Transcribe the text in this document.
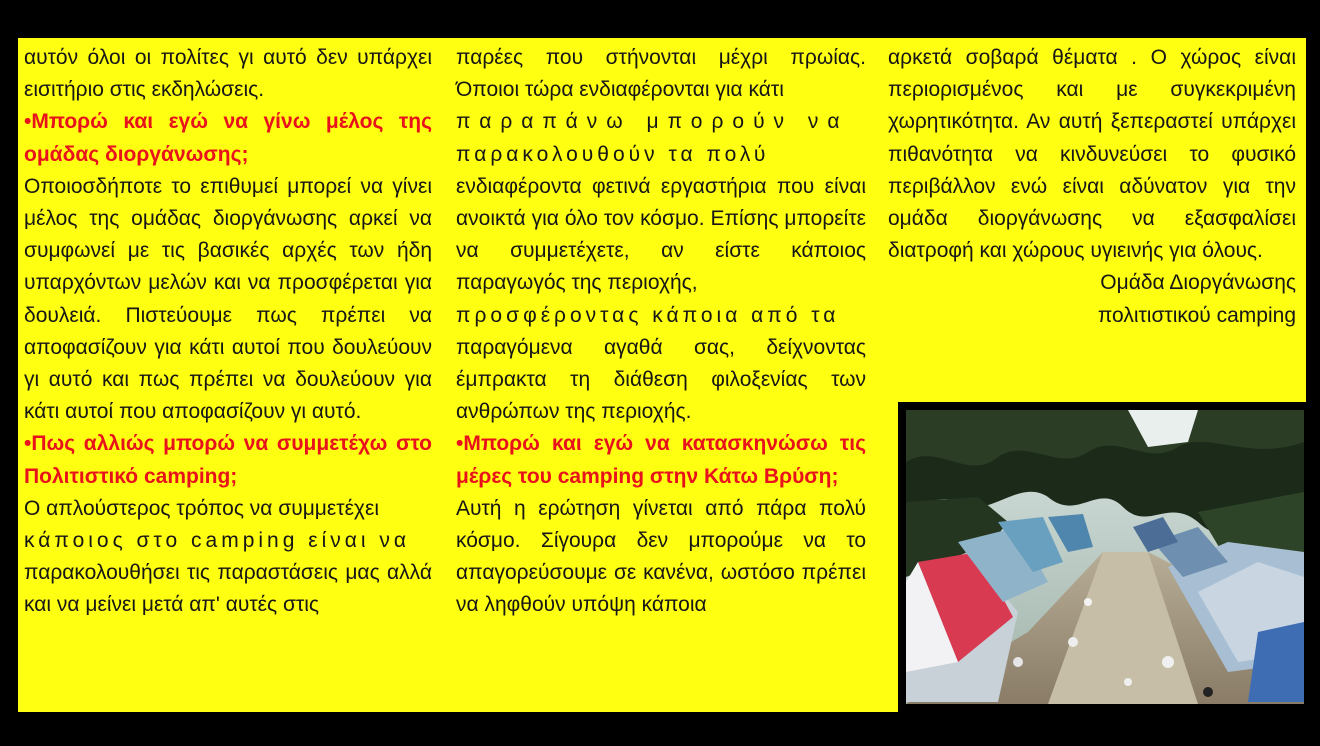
αυτόν όλοι οι πολίτες γι αυτό δεν υπάρχει εισιτήριο στις εκδηλώσεις.

•Μπορώ και εγώ να γίνω μέλος της ομάδας διοργάνωσης;

Οποιοσδήποτε το επιθυμεί μπορεί να γίνει μέλος της ομάδας διοργάνωσης αρκεί να συμφωνεί με τις βασικές αρχές των ήδη υπαρχόντων μελών και να προσφέρεται για δουλειά. Πιστεύουμε πως πρέπει να αποφασίζουν για κάτι αυτοί που δουλεύουν γι αυτό και πως πρέπει να δουλεύουν για κάτι αυτοί που αποφασίζουν γι αυτό.

•Πως αλλιώς μπορώ να συμμετέχω στο Πολιτιστικό camping;

Ο απλούστερος τρόπος να συμμετέχει

κάποιος στο camping είναι να

παρακολουθήσει τις παραστάσεις μας αλλά και να μείνει μετά απ' αυτές στις

παρέες που στήνονται μέχρι πρωίας. Όποιοι τώρα ενδιαφέρονται για κάτι

παραπάνω μπορούν να

παρακολουθούν τα πολύ

ενδιαφέροντα φετινά εργαστήρια που είναι ανοικτά για όλο τον κόσμο. Επίσης μπορείτε να συμμετέχετε, αν είστε κάποιος παραγωγός της περιοχής,

προσφέροντας κάποια από τα

παραγόμενα αγαθά σας, δείχνοντας έμπρακτα τη διάθεση φιλοξενίας των ανθρώπων της περιοχής.

•Μπορώ και εγώ να κατασκηνώσω τις μέρες του camping στην Κάτω Βρύση;

Αυτή η ερώτηση γίνεται από πάρα πολύ κόσμο. Σίγουρα δεν μπορούμε να το απαγορεύσουμε σε κανένα, ωστόσο πρέπει να ληφθούν υπόψη κάποια

αρκετά σοβαρά θέματα . Ο χώρος είναι περιορισμένος και με συγκεκριμένη χωρητικότητα. Αν αυτή ξεπεραστεί υπάρχει πιθανότητα να κινδυνεύσει το φυσικό περιβάλλον ενώ είναι αδύνατον για την ομάδα διοργάνωσης να εξασφαλίσει διατροφή και χώρους υγιεινής για όλους.

Ομάδα Διοργάνωσης

πολιτιστικού camping
